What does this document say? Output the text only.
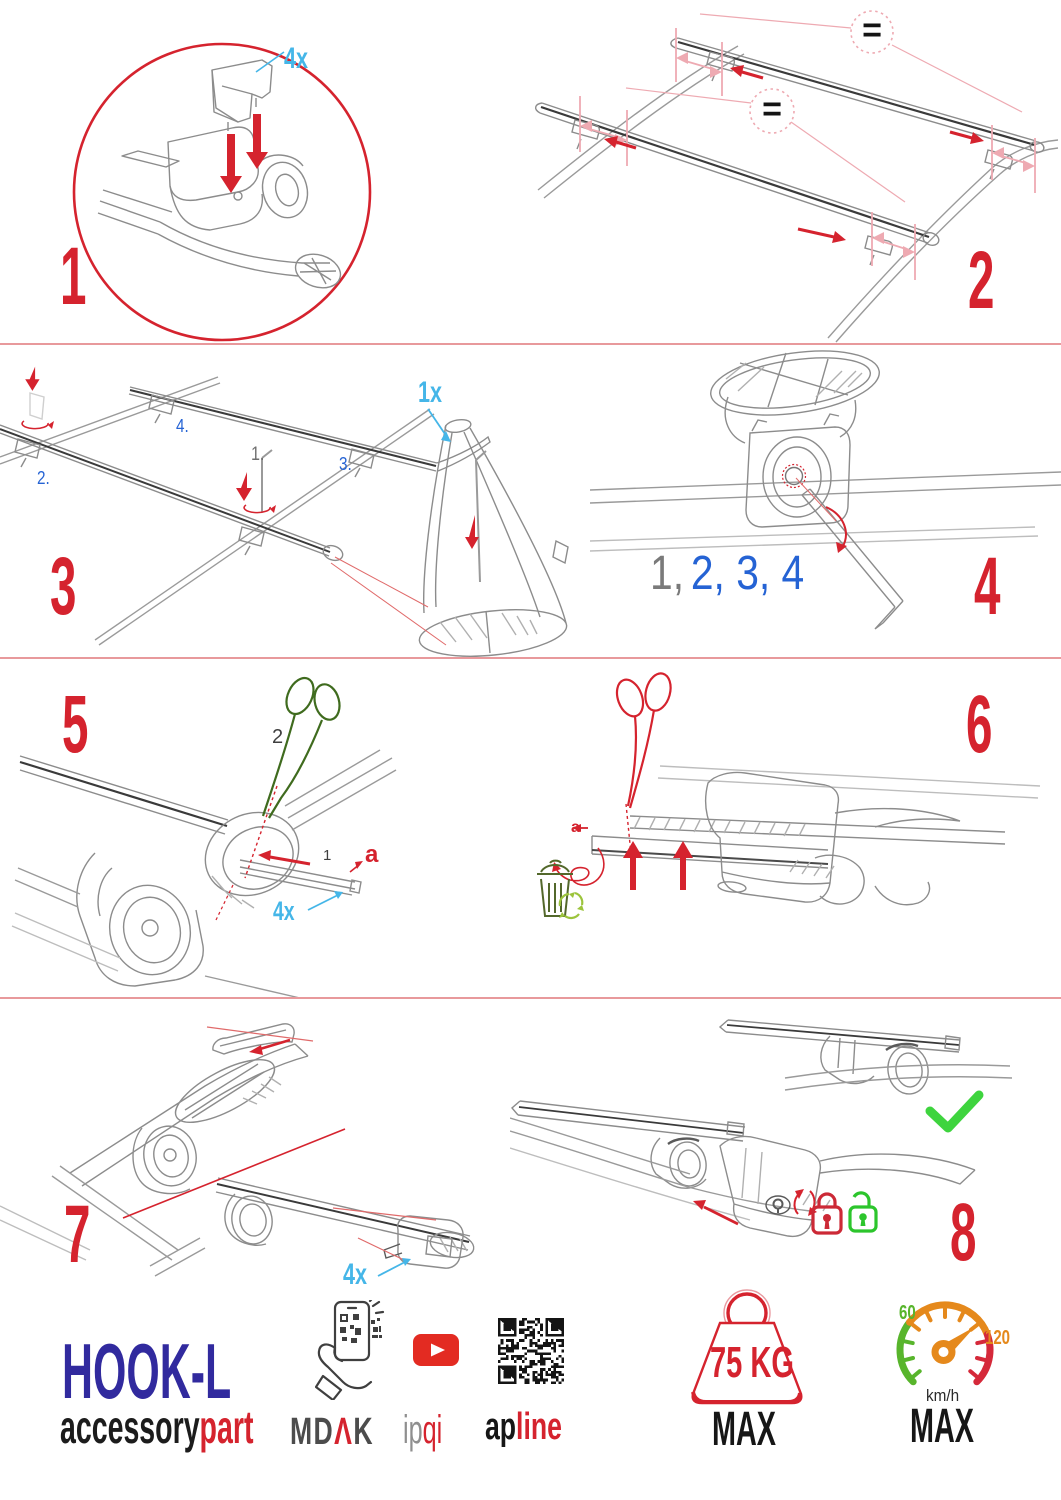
1
4x
2
=
=
3
1.
2.
3.
4.
1x
4
1, 2, 3, 4
5	2
1 a
4x
6
a
7	4x	8
HOOK-L
accessorypart MDΛK ipqi apline
75 KG
MAX
60
120
km/h
MAX
